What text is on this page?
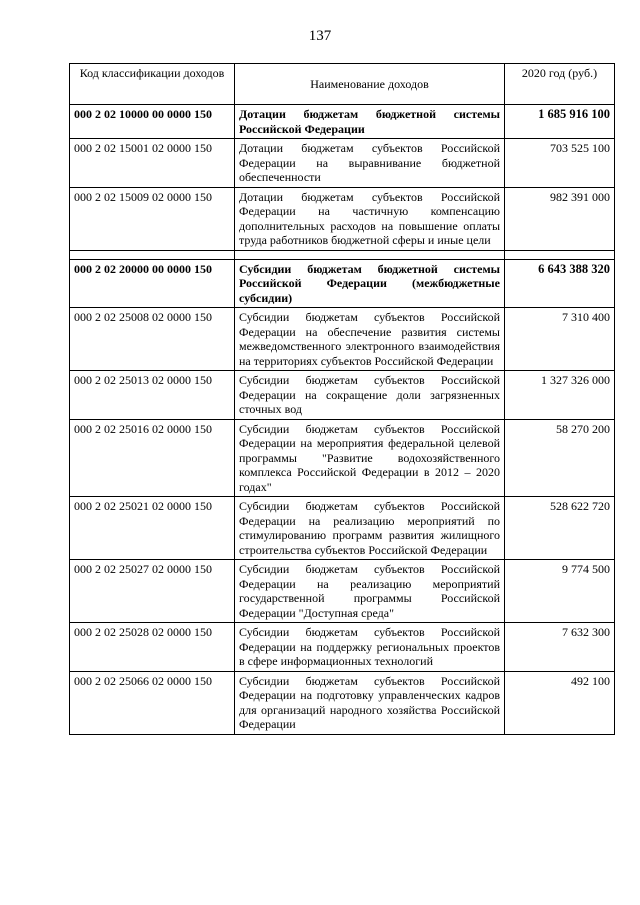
137
Код классификации доходов	Наименование доходов	2020 год (руб.)
000 2 02 10000 00 0000 150	Дотации бюджетам бюджетной системы Российской Федерации	1 685 916 100
000 2 02 15001 02 0000 150	Дотации бюджетам субъектов Российской Федерации на выравнивание бюджетной обеспеченности	703 525 100
000 2 02 15009 02 0000 150	Дотации бюджетам субъектов Российской Федерации на частичную компенсацию дополнительных расходов на повышение оплаты труда работников бюджетной сферы и иные цели	982 391 000

000 2 02 20000 00 0000 150	Субсидии бюджетам бюджетной системы Российской Федерации (межбюджетные субсидии)	6 643 388 320
000 2 02 25008 02 0000 150	Субсидии бюджетам субъектов Российской Федерации на обеспечение развития системы межведомственного электронного взаимодействия на территориях субъектов Российской Федерации	7 310 400
000 2 02 25013 02 0000 150	Субсидии бюджетам субъектов Российской Федерации на сокращение доли загрязненных сточных вод	1 327 326 000
000 2 02 25016 02 0000 150	Субсидии бюджетам субъектов Российской Федерации на мероприятия федеральной целевой программы "Развитие водохозяйственного комплекса Российской Федерации в 2012 – 2020 годах"	58 270 200
000 2 02 25021 02 0000 150	Субсидии бюджетам субъектов Российской Федерации на реализацию мероприятий по стимулированию программ развития жилищного строительства субъектов Российской Федерации	528 622 720
000 2 02 25027 02 0000 150	Субсидии бюджетам субъектов Российской Федерации на реализацию мероприятий государственной программы Российской Федерации "Доступная среда"	9 774 500
000 2 02 25028 02 0000 150	Субсидии бюджетам субъектов Российской Федерации на поддержку региональных проектов в сфере информационных технологий	7 632 300
000 2 02 25066 02 0000 150	Субсидии бюджетам субъектов Российской Федерации на подготовку управленческих кадров для организаций народного хозяйства Российской Федерации	492 100
